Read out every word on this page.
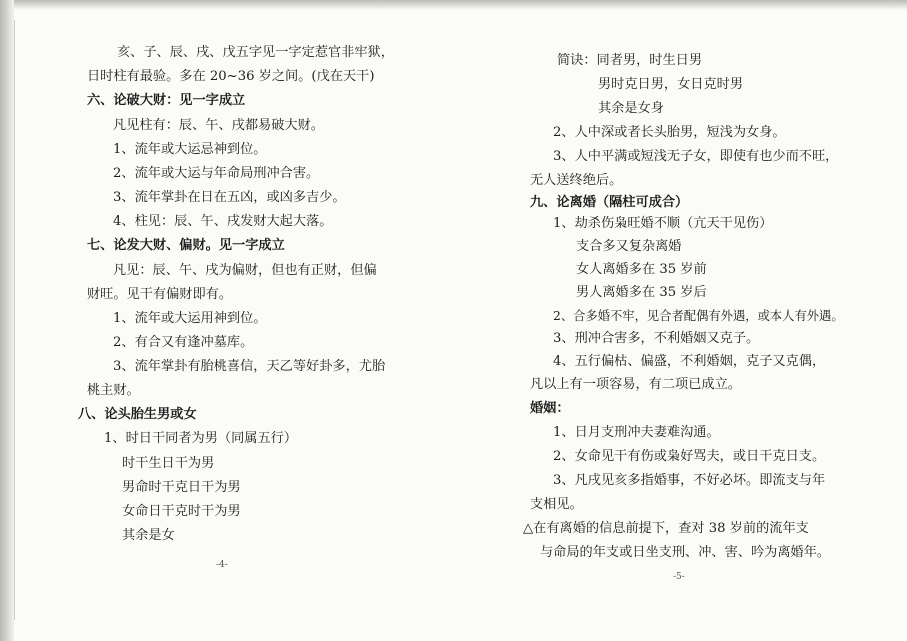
亥、子、辰、戌、戊五字见一字定惹官非牢狱，
日时柱有最验。多在 20~36 岁之间。(戊在天干)
六、论破大财：见一字成立
凡见柱有：辰、午、戌都易破大财。
1、流年或大运忌神到位。
2、流年或大运与年命局刑冲合害。
3、流年掌卦在日在五凶，或凶多吉少。
4、柱见：辰、午、戌发财大起大落。
七、论发大财、偏财。见一字成立
凡见：辰、午、戌为偏财，但也有正财，但偏
财旺。见干有偏财即有。
1、流年或大运用神到位。
2、有合又有逢冲墓库。
3、流年掌卦有胎桃喜信，天乙等好卦多，尤胎
桃主财。
八、论头胎生男或女
1、时日干同者为男（同属五行）
时干生日干为男
男命时干克日干为男
女命日干克时干为男
其余是女
-4-
简诀：同者男，时生日男
男时克日男，女日克时男
其余是女身
2、人中深或者长头胎男，短浅为女身。
3、人中平满或短浅无子女，即使有也少而不旺，
无人送终绝后。
九、论离婚（隔柱可成合）
1、劫杀伤枭旺婚不顺（亢天干见伤）
支合多又复杂离婚
女人离婚多在 35 岁前
男人离婚多在 35 岁后
2、合多婚不牢，见合者配偶有外遇，或本人有外遇。
3、刑冲合害多，不利婚姻又克子。
4、五行偏枯、偏盛，不利婚姻，克子又克偶，
凡以上有一项容易，有二项已成立。
婚姻：
1、日月支刑冲夫妻难沟通。
2、女命见干有伤或枭好骂夫，或日干克日支。
3、凡戌见亥多指婚事，不好必坏。即流支与年
支相见。
△在有离婚的信息前提下，查对 38 岁前的流年支
与命局的年支或日坐支刑、冲、害、吟为离婚年。
-5-
